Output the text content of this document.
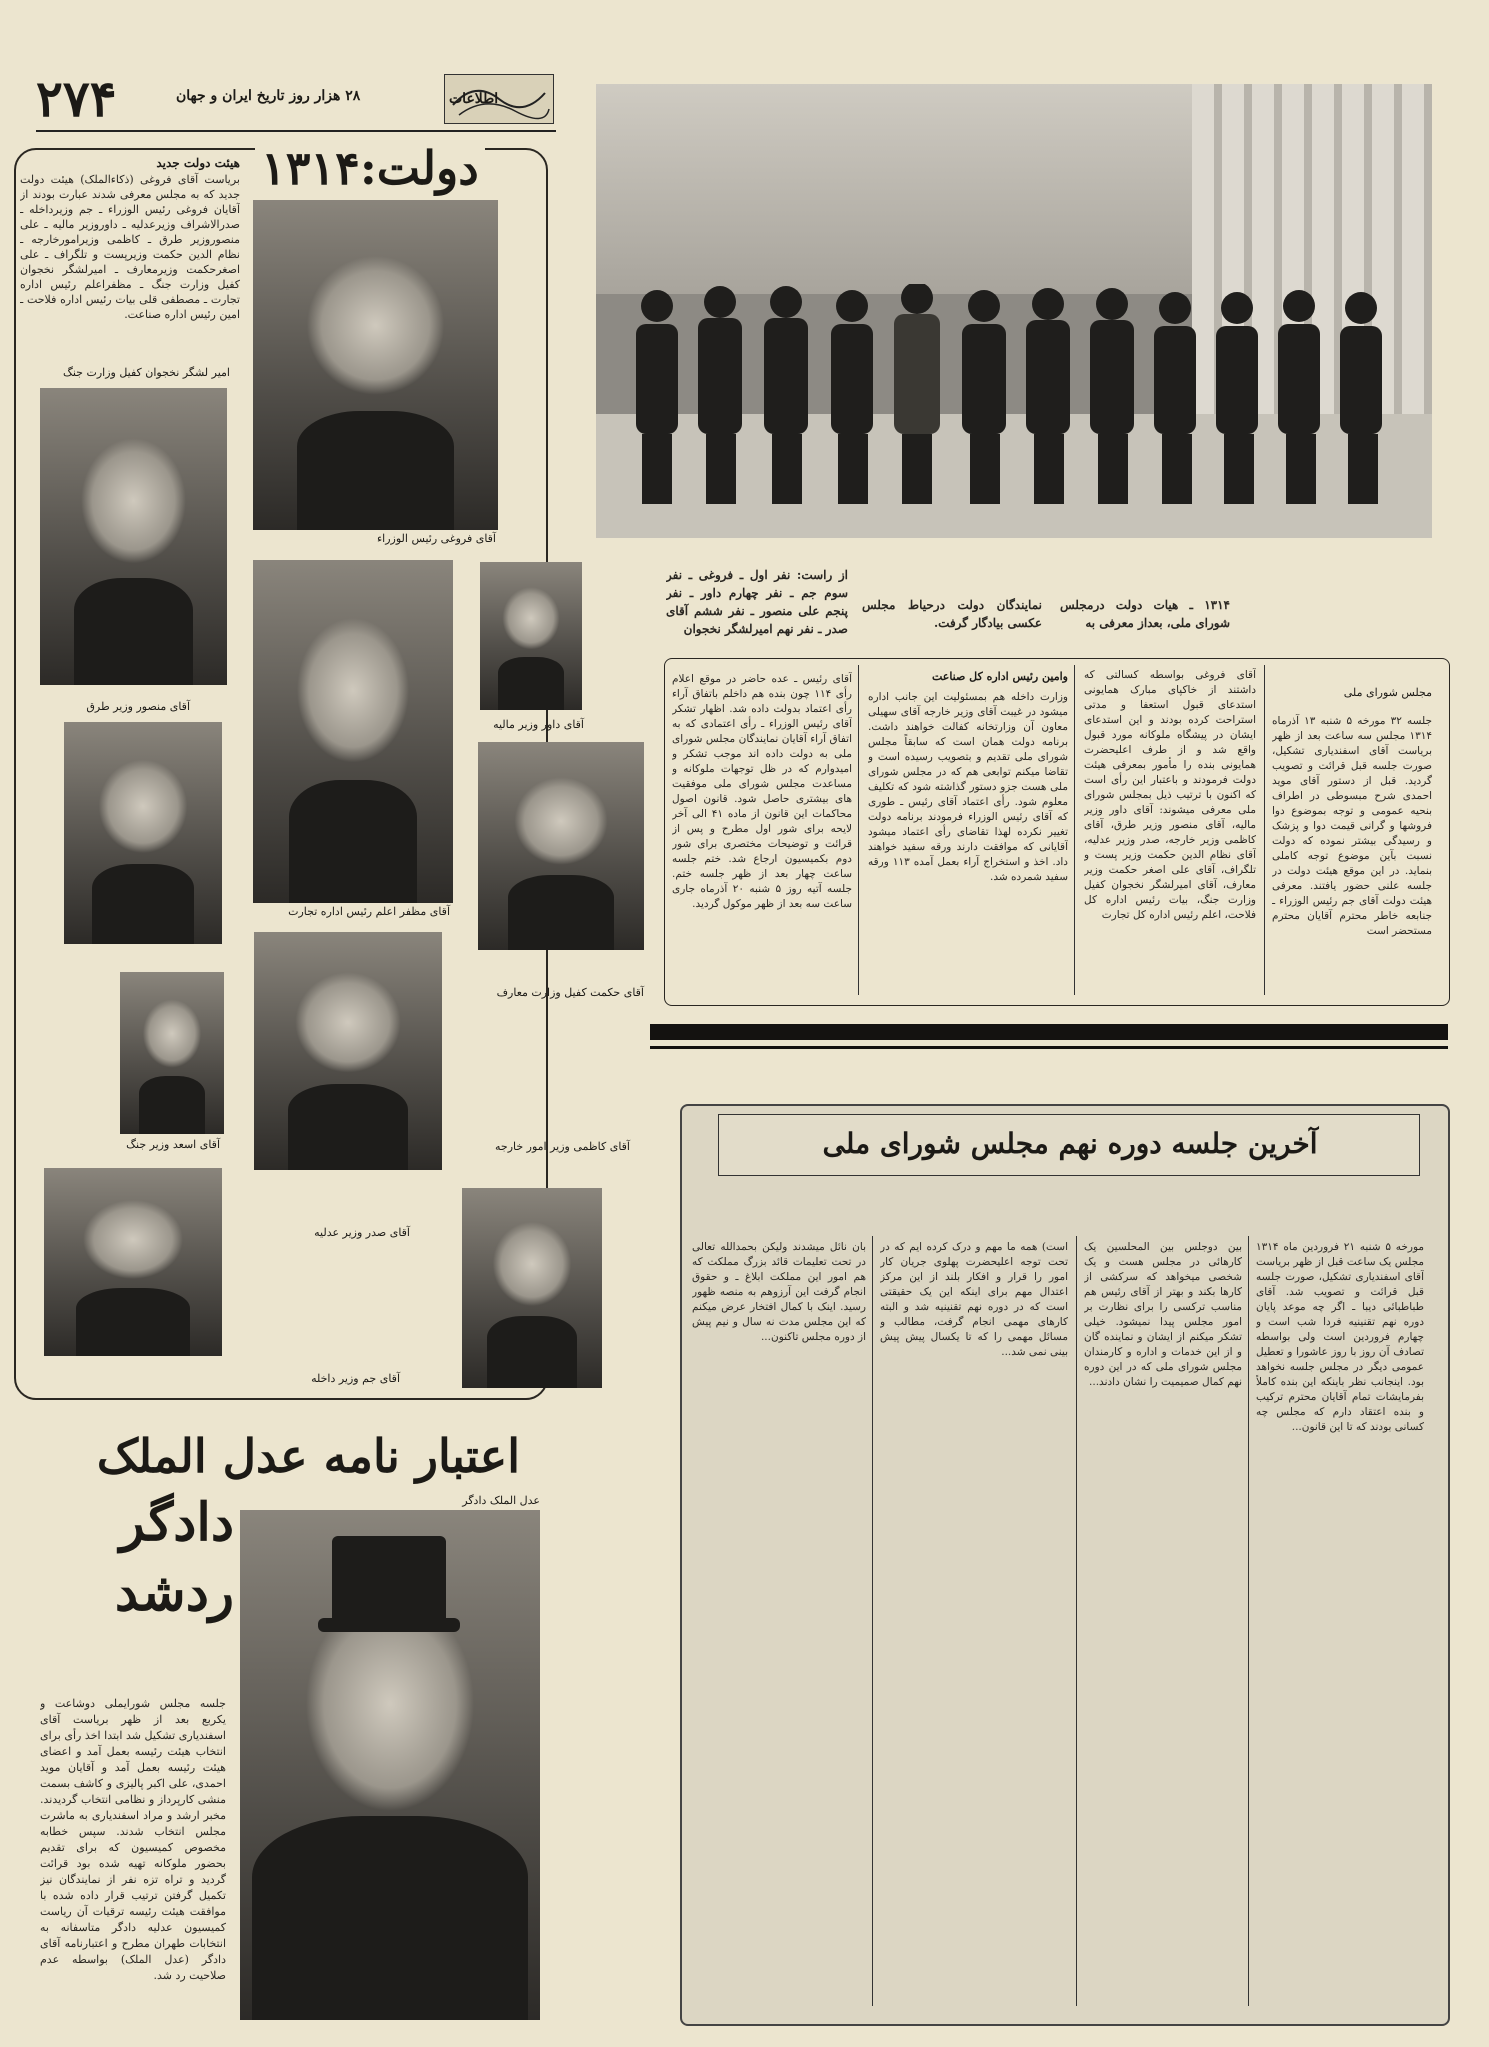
۲۷۴	۲۸ هزار روز تاریخ ایران و جهان	اطلاعات
دولت:۱۳۱۴
هیئت دولت جدید
بریاست آقای فروغی (ذکاءالملک) هیئت دولت جدید که به مجلس معرفی شدند عبارت بودند از آقایان فروغی رئیس الوزراء ـ جم وزیرداخله ـ صدرالاشراف وزیرعدلیه ـ داوروزیر مالیه ـ علی منصوروزیر طرق ـ کاظمی وزیرامورخارجه ـ نظام الدین حکمت وزیرپست و تلگراف ـ علی اصغرحکمت وزیرمعارف ـ امیرلشگر نخجوان کفیل وزارت جنگ ـ مظفراعلم رئیس اداره تجارت ـ مصطفی قلی بیات رئیس اداره فلاحت ـ امین رئیس اداره صناعت.
آقای فروغی رئیس الوزراء
امیر لشگر نخجوان کفیل وزارت جنگ
آقای منصور وزیر طرق
آقای داور وزیر مالیه
آقای مظفر اعلم رئیس اداره تجارت
آقای حکمت کفیل وزارت معارف
آقای اسعد وزیر جنگ
آقای صدر وزیر عدلیه
آقای کاظمی وزیر امور خارجه
آقای جم وزیر داخله
۱۳۱۴ ـ هیات دولت درمجلس شورای ملی، بعداز معرفی به
نمایندگان دولت درحیاط مجلس عکسی بیادگار گرفت.
از راست: نفر اول ـ فروغی ـ نفر سوم جم ـ نفر چهارم داور ـ نفر پنجم علی منصور ـ نفر ششم آقای صدر ـ نفر نهم امیرلشگر نخجوان
مجلس شورای ملی
جلسه ۳۲ مورخه ۵ شنبه ۱۳ آذرماه ۱۳۱۴ مجلس سه ساعت بعد از ظهر بریاست آقای اسفندیاری تشکیل، صورت جلسه قبل قرائت و تصویب گردید. قبل از دستور آقای موید احمدی شرح مبسوطی در اطراف بنحیه عمومی و توجه بموضوع دوا فروشها و گرانی قیمت دوا و پزشک و رسیدگی بیشتر نموده که دولت نسبت بآین موضوع توجه کاملی بنماید. در این موقع هیئت دولت در جلسه علنی حضور یافتند. معرفی هیئت دولت آقای جم رئیس الوزراء ـ جنابعه خاطر محترم آقایان محترم مستحضر است
آقای فروغی بواسطه کسالتی که داشتند از خاکپای مبارک همایونی استدعای قبول استعفا و مدتی استراحت کرده بودند و این استدعای ایشان در پیشگاه ملوکانه مورد قبول واقع شد و از طرف اعلیحضرت همایونی بنده را مأمور بمعرفی هیئت دولت فرمودند و باعتبار این رأی است که اکنون با ترتیب ذیل بمجلس شورای ملی معرفی میشوند: آقای داور وزیر مالیه، آقای منصور وزیر طرق، آقای کاظمی وزیر خارجه، صدر وزیر عدلیه، آقای نظام الدین حکمت وزیر پست و تلگراف، آقای علی اصغر حکمت وزیر معارف، آقای امیرلشگر نخجوان کفیل وزارت جنگ، بیات رئیس اداره کل فلاحت، اعلم رئیس اداره کل تجارت
وامین رئیس اداره کل صناعت
وزارت داخله هم بمسئولیت این جانب اداره میشود در غیبت آقای وزیر خارجه آقای سهیلی معاون آن وزارتخانه کفالت خواهند داشت. برنامه دولت همان است که سابقاً مجلس شورای ملی تقدیم و بتصویب رسیده است و تقاضا میکنم توابعی هم که در مجلس شورای ملی هست جزو دستور گذاشته شود که تکلیف معلوم شود. رأی اعتماد آقای رئیس ـ طوری که آقای رئیس الوزراء فرمودند برنامه دولت تغییر نکرده لهذا تقاضای رأی اعتماد میشود آقایانی که موافقت دارند ورقه سفید خواهند داد. اخذ و استخراج آراء بعمل آمده ۱۱۳ ورقه سفید شمرده شد.
آقای رئیس ـ عده حاضر در موقع اعلام رأی ۱۱۴ چون بنده هم داخلم باتفاق آراء رأی اعتماد بدولت داده شد. اظهار تشکر آقای رئیس الوزراء ـ رأی اعتمادی که به اتفاق آراء آقایان نمایندگان مجلس شورای ملی به دولت داده اند موجب تشکر و امیدوارم که در ظل توجهات ملوکانه و مساعدت مجلس شورای ملی موفقیت های بیشتری حاصل شود. قانون اصول محاکمات این قانون از ماده ۴۱ الی آخر لایحه برای شور اول مطرح و پس از قرائت و توضیحات مختصری برای شور دوم بکمیسیون ارجاع شد. ختم جلسه ساعت چهار بعد از ظهر جلسه ختم. جلسه آتیه روز ۵ شنبه ۲۰ آذرماه جاری ساعت سه بعد از ظهر موکول گردید.
آخرین جلسه دوره نهم مجلس شورای ملی
مورخه ۵ شنبه ۲۱ فروردین ماه ۱۳۱۴ مجلس یک ساعت قبل از ظهر بریاست آقای اسفندیاری تشکیل، صورت جلسه قبل قرائت و تصویب شد. آقای طباطبائی دیبا ـ اگر چه موعد پایان دوره نهم تقنینیه فردا شب است و چهارم فروردین است ولی بواسطه تصادف آن روز با روز عاشورا و تعطیل عمومی دیگر در مجلس جلسه نخواهد بود. اینجانب نظر باینکه این بنده کاملاً بفرمایشات تمام آقایان محترم ترکیب و بنده اعتقاد دارم که مجلس چه کسانی بودند که تا این قانون...
بین دوجلس بین المحلسین یک کارهائی در مجلس هست و یک شخصی میخواهد که سرکشی از کارها بکند و بهتر از آقای رئیس هم مناسب ترکسی را برای نظارت بر امور مجلس پیدا نمیشود. خیلی تشکر میکنم از ایشان و نماینده گان و از این خدمات و اداره و کارمندان مجلس شورای ملی که در این دوره نهم کمال صمیمیت را نشان دادند...
است) همه ما مهم و درک کرده ایم که در تحت توجه اعلیحضرت پهلوی جریان کار امور را قرار و افکار بلند از این مرکز اعتدال مهم برای اینکه این یک حقیقتی است که در دوره نهم تقنینیه شد و البته کارهای مهمی انجام گرفت، مطالب و مسائل مهمی را که تا یکسال پیش پیش بینی نمی شد...
بان نائل میشدند ولیکن بحمدالله تعالی در تحت تعلیمات قائد بزرگ مملکت که هم امور این مملکت ابلاغ ـ و حقوق انجام گرفت این آرزوهم به منصه ظهور رسید. اینک با کمال افتخار عرض میکنم که این مجلس مدت نه سال و نیم پیش از دوره مجلس تاکنون...
اعتبار نامه عدل الملک
دادگر
ردشد
عدل الملک دادگر
جلسه مجلس شورایملی دوشاعت و یکربع بعد از ظهر بریاست آقای اسفندیاری تشکیل شد ابتدا اخذ رأی برای انتخاب هیئت رئیسه بعمل آمد و اعضای هیئت رئیسه بعمل آمد و آقایان موید احمدی، علی اکبر پالیزی و کاشف بسمت منشی کارپرداز و نظامی انتخاب گردیدند. مخبر ارشد و مراد اسفندیاری به ماشرت مجلس انتخاب شدند. سپس خطابه مخصوص کمیسیون که برای تقدیم بحضور ملوکانه تهیه شده بود قرائت گردید و تراه تزه نفر از نمایندگان نیز تکمیل گرفتن ترتیب قرار داده شده با موافقت هیئت رئیسه ترقیات آن ریاست کمیسیون عدلیه دادگر متاسفانه به انتخابات طهران مطرح و اعتبارنامه آقای دادگر (عدل الملک) بواسطه عدم صلاحیت رد شد.
